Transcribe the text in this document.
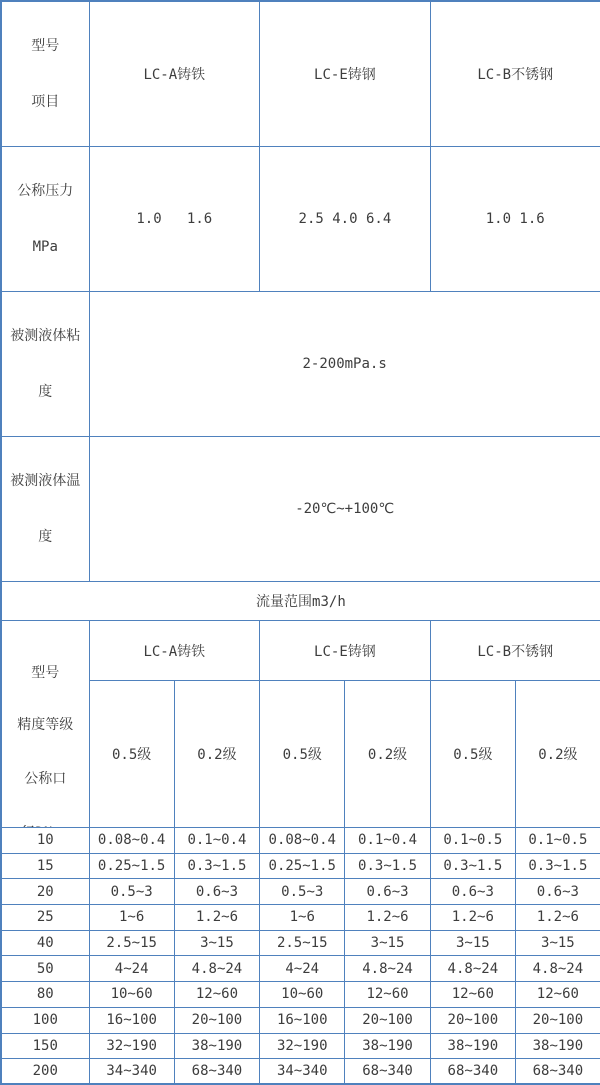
型号

项目	LC-A铸铁		LC-E铸钢		LC-B不锈钢	

公称压力

MPa	1.0   1.6		2.5 4.0 6.4		1.0 1.6	

被测液体粘

度	2-200mPa.s					

被测液体温

度	-20℃~+100℃					
流量范围m3/h						

型号

精度等级

公称口	LC-A铸铁		LC-E铸钢		LC-B不锈钢	
	0.5级	0.2级	0.5级	0.2级	0.5级	0.2级
10	0.08~0.4	0.1~0.4	0.08~0.4	0.1~0.4	0.1~0.5	0.1~0.5
15	0.25~1.5	0.3~1.5	0.25~1.5	0.3~1.5	0.3~1.5	0.3~1.5
20	0.5~3	0.6~3	0.5~3	0.6~3	0.6~3	0.6~3
25	1~6	1.2~6	1~6	1.2~6	1.2~6	1.2~6
40	2.5~15	3~15	2.5~15	3~15	3~15	3~15
50	4~24	4.8~24	4~24	4.8~24	4.8~24	4.8~24
80	10~60	12~60	10~60	12~60	12~60	12~60
100	16~100	20~100	16~100	20~100	20~100	20~100
150	32~190	38~190	32~190	38~190	38~190	38~190
200	34~340	68~340	34~340	68~340	68~340	68~340
